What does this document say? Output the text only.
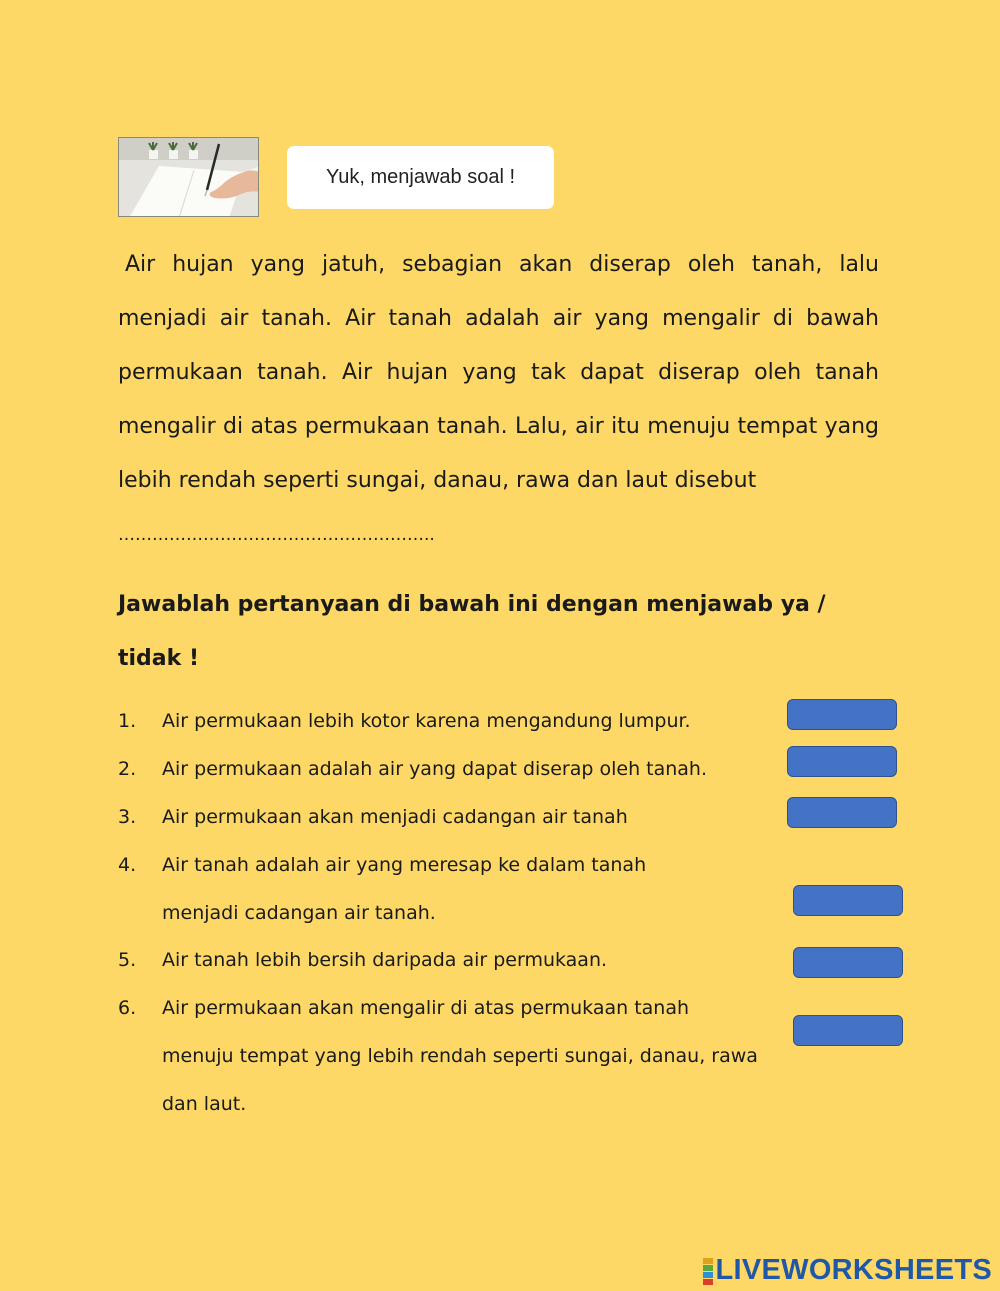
Yuk, menjawab soal !
Air hujan yang jatuh, sebagian akan diserap oleh tanah, lalu menjadi air tanah. Air tanah adalah air yang mengalir di bawah permukaan tanah. Air hujan yang tak dapat diserap oleh tanah mengalir di atas permukaan tanah. Lalu, air itu menuju tempat yang lebih rendah seperti sungai, danau, rawa dan laut disebut
………………………………………………..
Jawablah pertanyaan di bawah ini dengan menjawab ya / tidak !
1.	Air permukaan lebih kotor karena mengandung lumpur.
2.	Air permukaan adalah air yang dapat diserap oleh tanah.
3.	Air permukaan akan menjadi cadangan air tanah
4.	Air tanah adalah air yang meresap ke dalam tanah menjadi cadangan air tanah.
5.	Air tanah lebih bersih daripada air permukaan.
6.	Air permukaan akan mengalir di atas permukaan tanah menuju tempat yang lebih rendah seperti sungai, danau, rawa dan laut.
LIVEWORKSHEETS
